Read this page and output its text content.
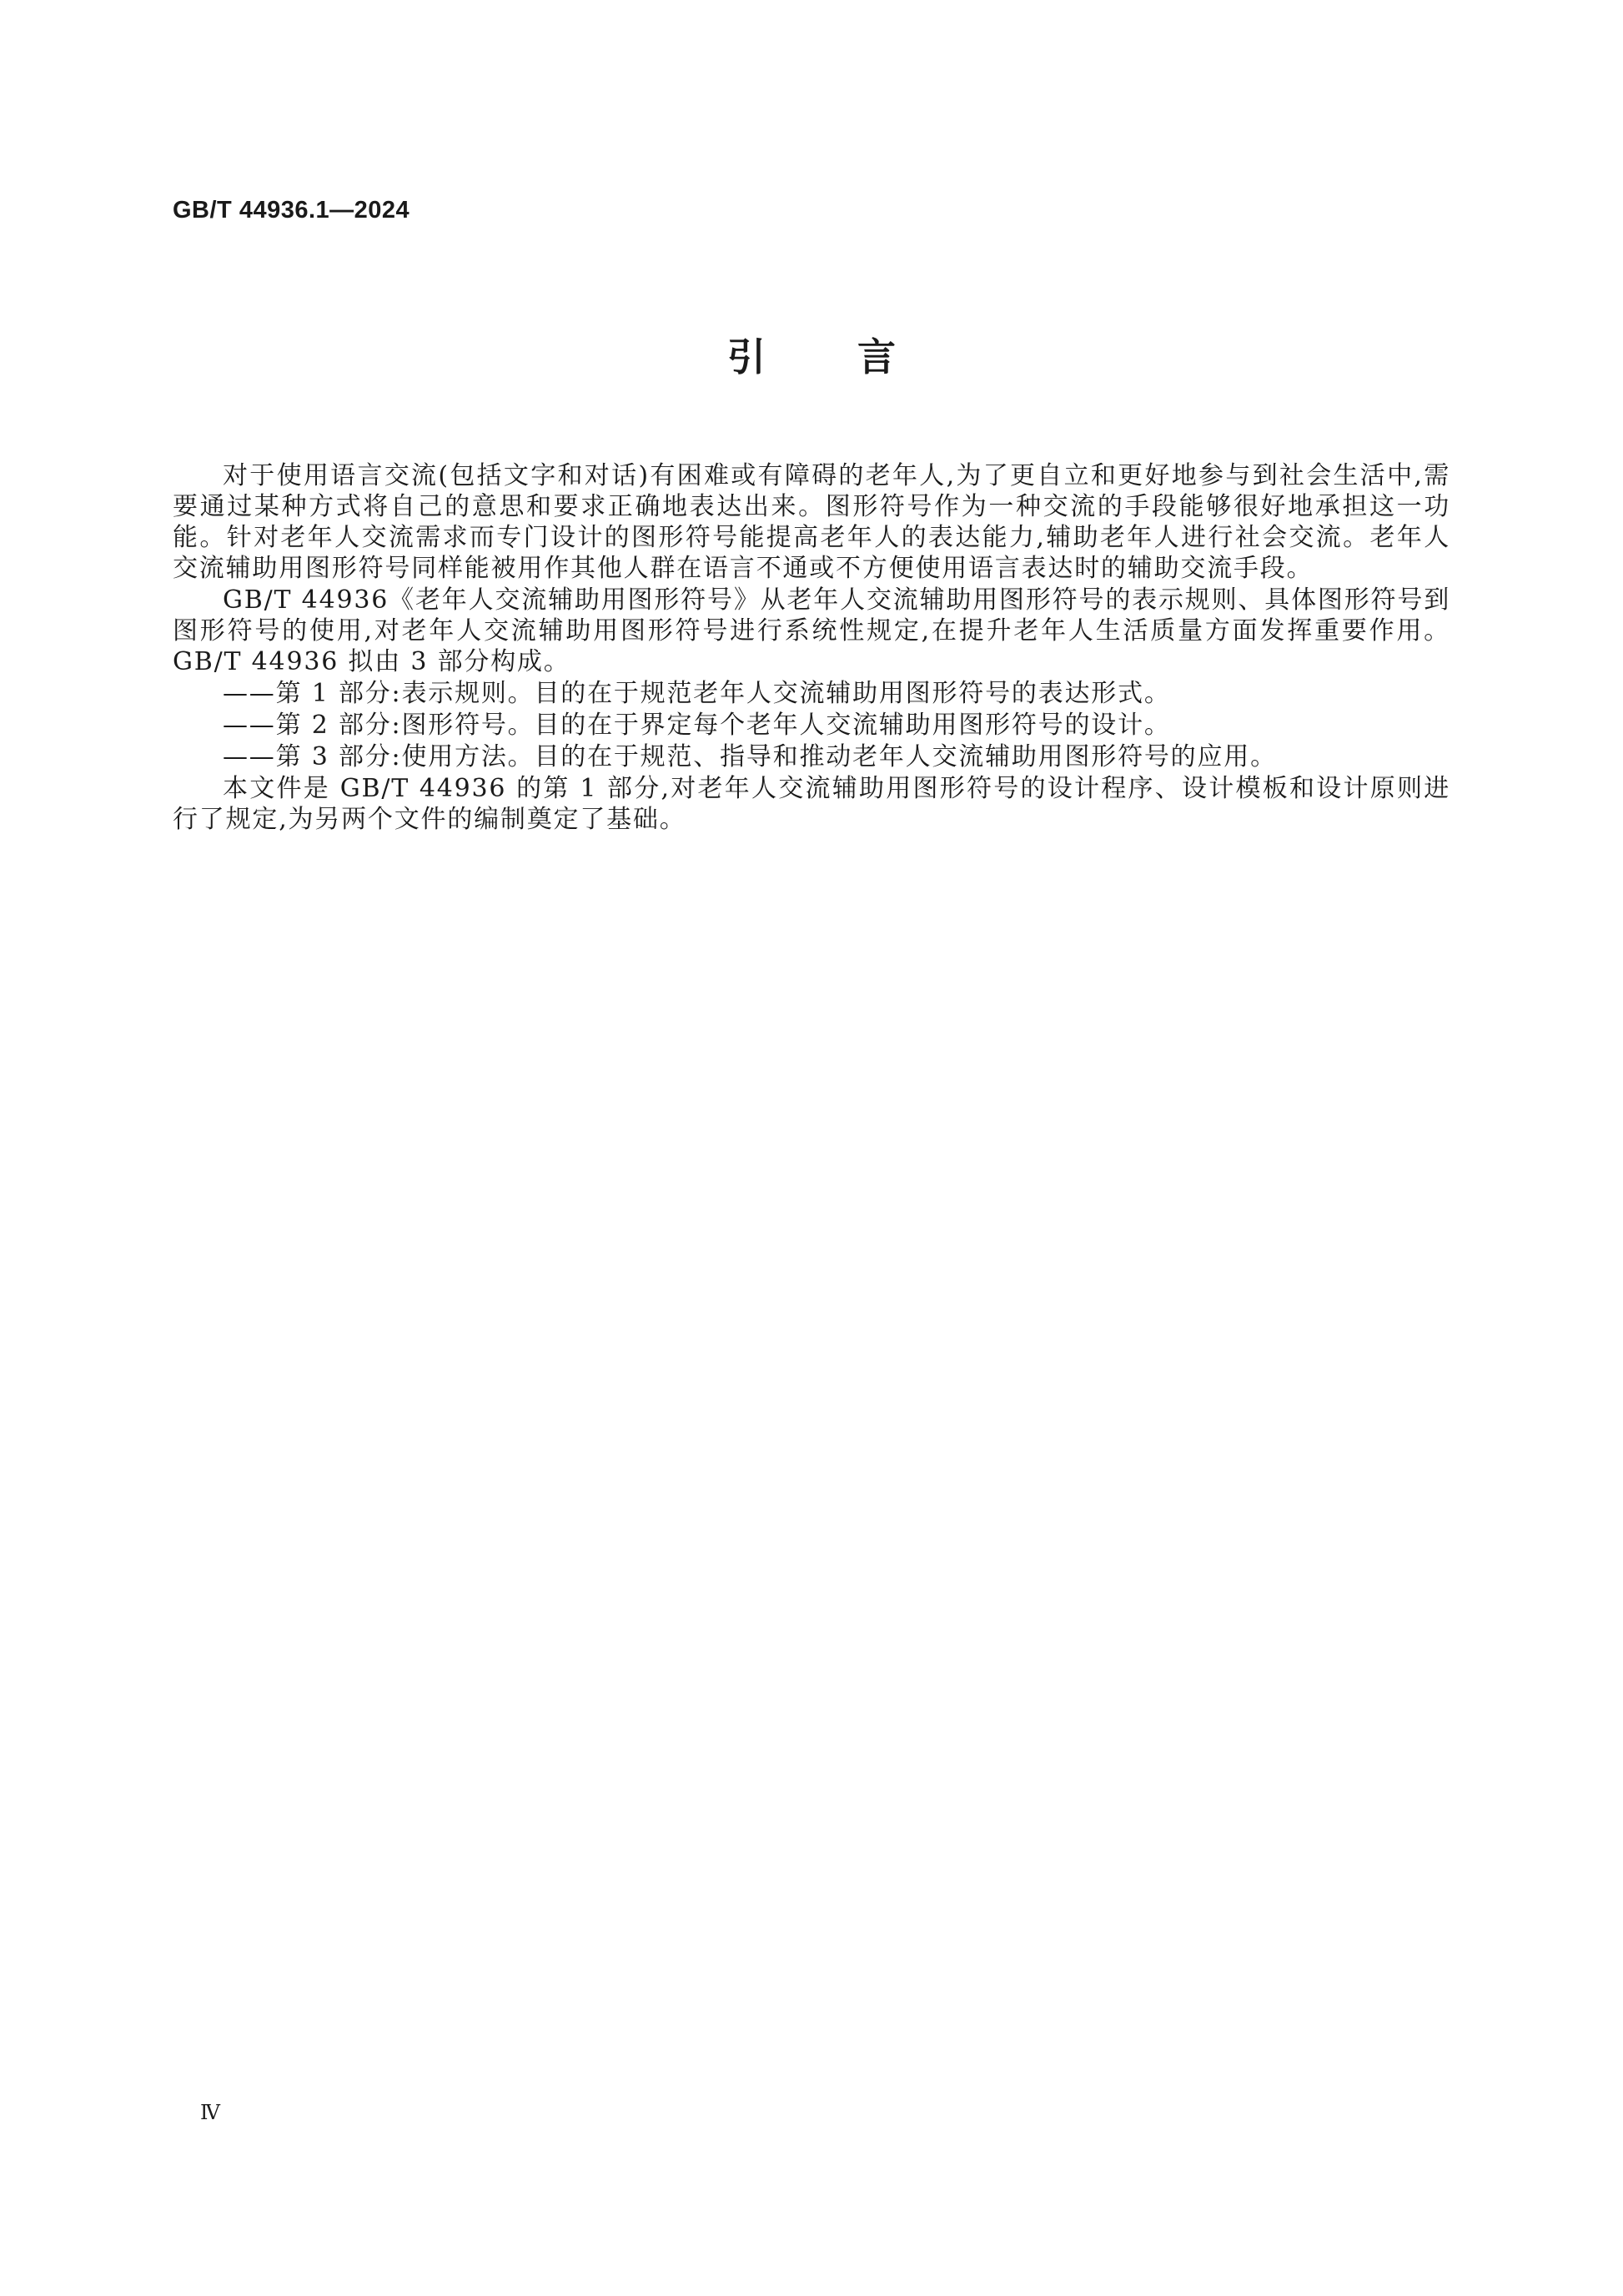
GB/T 44936.1—2024
引 言

对于使用语言交流(包括文字和对话)有困难或有障碍的老年人,为了更自立和更好地参与到社会生活中,需要通过某种方式将自己的意思和要求正确地表达出来。图形符号作为一种交流的手段能够很好地承担这一功能。针对老年人交流需求而专门设计的图形符号能提高老年人的表达能力,辅助老年人进行社会交流。老年人交流辅助用图形符号同样能被用作其他人群在语言不通或不方便使用语言表达时的辅助交流手段。

GB/T 44936《老年人交流辅助用图形符号》从老年人交流辅助用图形符号的表示规则、具体图形符号到图形符号的使用,对老年人交流辅助用图形符号进行系统性规定,在提升老年人生活质量方面发挥重要作用。GB/T 44936 拟由 3 部分构成。

——第 1 部分:表示规则。目的在于规范老年人交流辅助用图形符号的表达形式。

——第 2 部分:图形符号。目的在于界定每个老年人交流辅助用图形符号的设计。

——第 3 部分:使用方法。目的在于规范、指导和推动老年人交流辅助用图形符号的应用。

本文件是 GB/T 44936 的第 1 部分,对老年人交流辅助用图形符号的设计程序、设计模板和设计原则进行了规定,为另两个文件的编制奠定了基础。

Ⅳ
